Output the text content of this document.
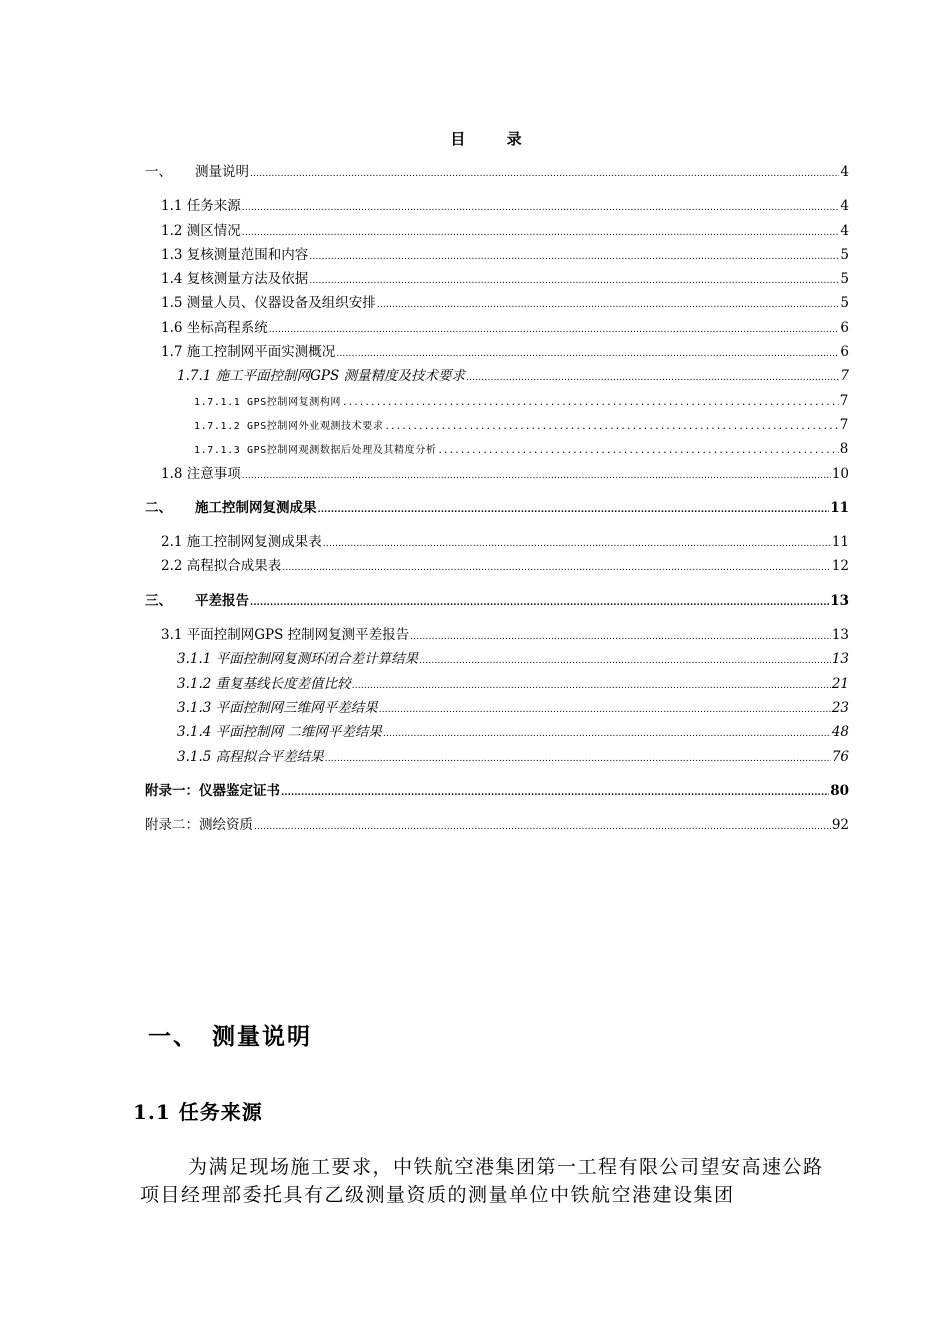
目 录
一、 测量说明 .....	4
1.1 任务来源 .....	4
1.2 测区情况 .....	4
1.3 复核测量范围和内容 .....	5
1.4 复核测量方法及依据 .....	5
1.5 测量人员、仪器设备及组织安排 .....	5
1.6 坐标高程系统 .....	6
1.7 施工控制网平面实测概况 .....	6
1.7.1 施工平面控制网GPS 测量精度及技术要求 .....	7
1.7.1.1 GPS控制网复测构网 .....	7
1.7.1.2 GPS控制网外业观测技术要求 .....	7
1.7.1.3 GPS控制网观测数据后处理及其精度分析 .....	8
1.8 注意事项 .....	10
二、 施工控制网复测成果 .....	11
2.1 施工控制网复测成果表 .....	11
2.2 高程拟合成果表 .....	12
三、 平差报告 .....	13
3.1 平面控制网GPS 控制网复测平差报告 .....	13
3.1.1 平面控制网复测环闭合差计算结果 .....	13
3.1.2 重复基线长度差值比较 .....	21
3.1.3 平面控制网三维网平差结果 .....	23
3.1.4 平面控制网 二维网平差结果 .....	48
3.1.5 高程拟合平差结果 .....	76
附录一：仪器鉴定证书 .....	80
附录二：测绘资质 .....	92
一、 测量说明
1.1 任务来源
为满足现场施工要求，中铁航空港集团第一工程有限公司望安高速公路项目经理部委托具有乙级测量资质的测量单位中铁航空港建设集团
